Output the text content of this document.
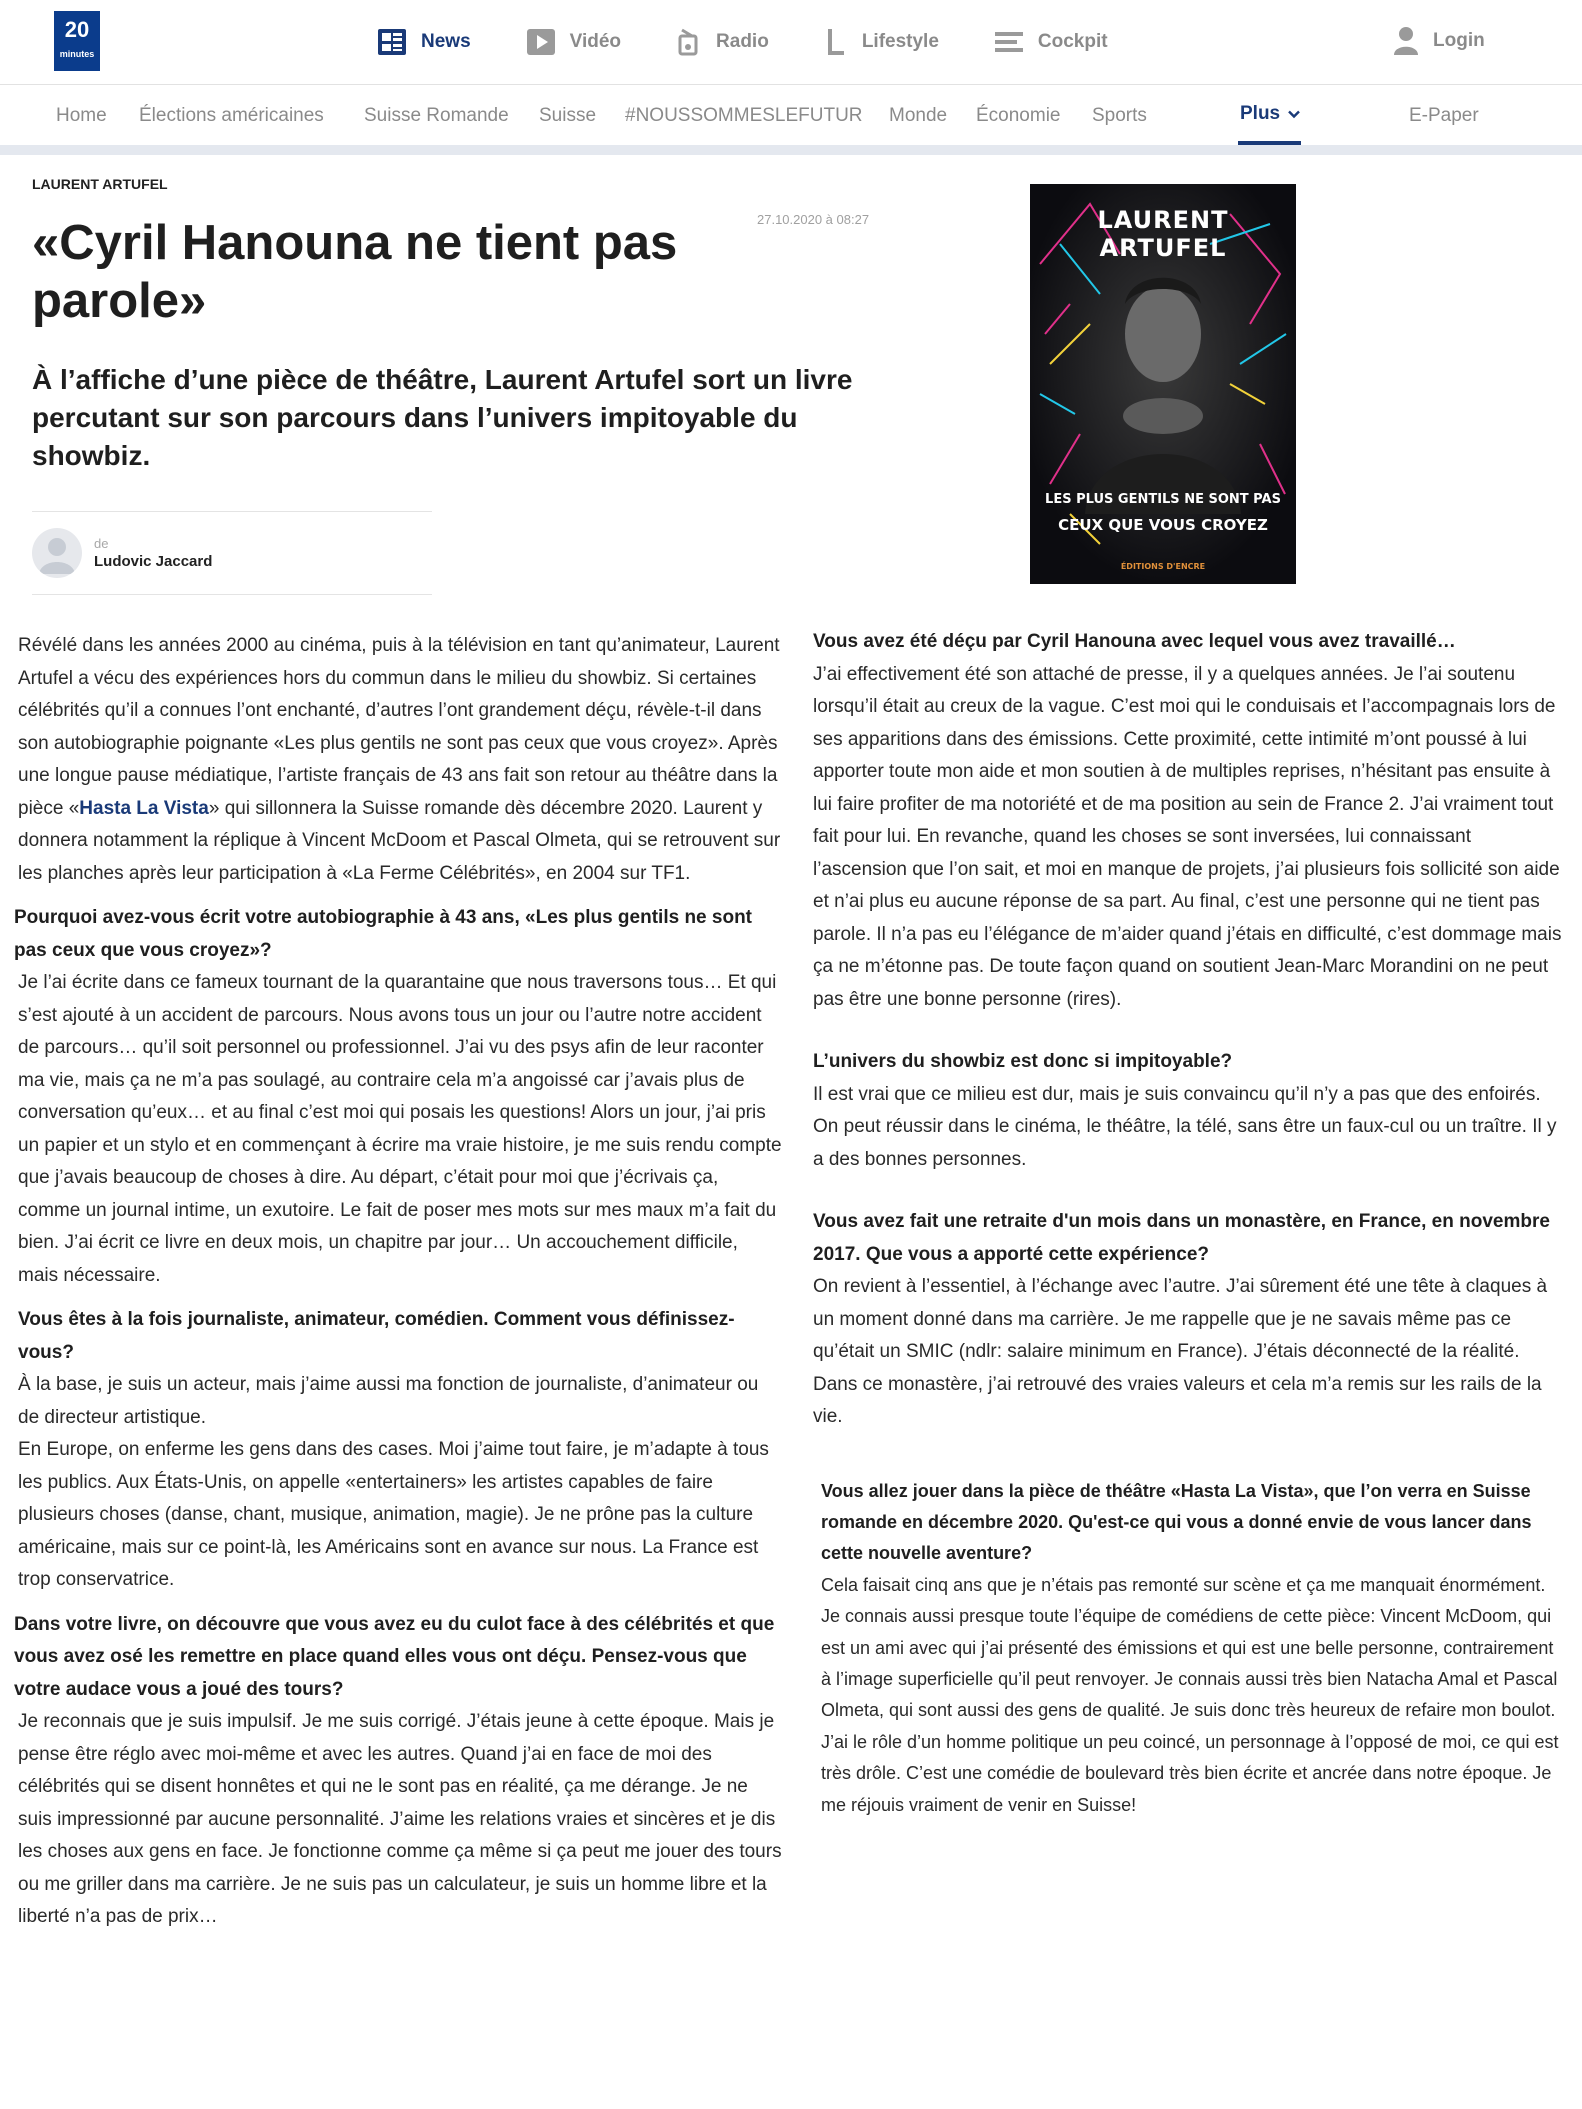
20
minutes
News	Vidéo	Radio	Lifestyle	Cockpit	Login
Home Élections américaines Suisse Romande Suisse #NOUSSOMMESLEFUTUR Monde Économie Sports	Plus	E-Paper
LAURENT ARTUFEL
27.10.2020 à 08:27
«Cyril Hanouna ne tient pas parole»

À l’affiche d’une pièce de théâtre, Laurent Artufel sort un livre percutant sur son parcours dans l’univers impitoyable du showbiz.

de
Ludovic Jaccard
LAURENT ARTUFEL
LES PLUS GENTILS NE SONT PAS
CEUX QUE VOUS CROYEZ
ÉDITIONS D'ENCRE

Révélé dans les années 2000 au cinéma, puis à la télévision en tant qu’animateur, Laurent Artufel a vécu des expériences hors du commun dans le milieu du showbiz. Si certaines célébrités qu’il a connues l’ont enchanté, d’autres l’ont grandement déçu, révèle-t-il dans son autobiographie poignante «Les plus gentils ne sont pas ceux que vous croyez». Après une longue pause médiatique, l’artiste français de 43 ans fait son retour au théâtre dans la pièce «Hasta La Vista» qui sillonnera la Suisse romande dès décembre 2020. Laurent y donnera notamment la réplique à Vincent McDoom et Pascal Olmeta, qui se retrouvent sur les planches après leur participation à «La Ferme Célébrités», en 2004 sur TF1.

Pourquoi avez-vous écrit votre autobiographie à 43 ans, «Les plus gentils ne sont pas ceux que vous croyez»?

Je l’ai écrite dans ce fameux tournant de la quarantaine que nous traversons tous… Et qui s’est ajouté à un accident de parcours. Nous avons tous un jour ou l’autre notre accident de parcours… qu’il soit personnel ou professionnel. J’ai vu des psys afin de leur raconter ma vie, mais ça ne m’a pas soulagé, au contraire cela m’a angoissé car j’avais plus de conversation qu’eux… et au final c’est moi qui posais les questions! Alors un jour, j’ai pris un papier et un stylo et en commençant à écrire ma vraie histoire, je me suis rendu compte que j’avais beaucoup de choses à dire. Au départ, c’était pour moi que j’écrivais ça, comme un journal intime, un exutoire. Le fait de poser mes mots sur mes maux m’a fait du bien. J’ai écrit ce livre en deux mois, un chapitre par jour… Un accouchement difficile, mais nécessaire.

Vous êtes à la fois journaliste, animateur, comédien. Comment vous définissez-vous?

À la base, je suis un acteur, mais j’aime aussi ma fonction de journaliste, d’animateur ou de directeur artistique.

En Europe, on enferme les gens dans des cases. Moi j’aime tout faire, je m’adapte à tous les publics. Aux États-Unis, on appelle «entertainers» les artistes capables de faire plusieurs choses (danse, chant, musique, animation, magie). Je ne prône pas la culture américaine, mais sur ce point-là, les Américains sont en avance sur nous. La France est trop conservatrice.

Dans votre livre, on découvre que vous avez eu du culot face à des célébrités et que vous avez osé les remettre en place quand elles vous ont déçu. Pensez-vous que votre audace vous a joué des tours?

Je reconnais que je suis impulsif. Je me suis corrigé. J’étais jeune à cette époque. Mais je pense être réglo avec moi-même et avec les autres. Quand j’ai en face de moi des célébrités qui se disent honnêtes et qui ne le sont pas en réalité, ça me dérange. Je ne suis impressionné par aucune personnalité. J’aime les relations vraies et sincères et je dis les choses aux gens en face. Je fonctionne comme ça même si ça peut me jouer des tours ou me griller dans ma carrière. Je ne suis pas un calculateur, je suis un homme libre et la liberté n’a pas de prix…

Vous avez été déçu par Cyril Hanouna avec lequel vous avez travaillé…

J’ai effectivement été son attaché de presse, il y a quelques années. Je l’ai soutenu lorsqu’il était au creux de la vague. C’est moi qui le conduisais et l’accompagnais lors de ses apparitions dans des émissions. Cette proximité, cette intimité m’ont poussé à lui apporter toute mon aide et mon soutien à de multiples reprises, n’hésitant pas ensuite à lui faire profiter de ma notoriété et de ma position au sein de France 2. J’ai vraiment tout fait pour lui. En revanche, quand les choses se sont inversées, lui connaissant l’ascension que l’on sait, et moi en manque de projets, j’ai plusieurs fois sollicité son aide et n’ai plus eu aucune réponse de sa part. Au final, c’est une personne qui ne tient pas parole. Il n’a pas eu l’élégance de m’aider quand j’étais en difficulté, c’est dommage mais ça ne m’étonne pas. De toute façon quand on soutient Jean-Marc Morandini on ne peut pas être une bonne personne (rires).

L’univers du showbiz est donc si impitoyable?

Il est vrai que ce milieu est dur, mais je suis convaincu qu’il n’y a pas que des enfoirés. On peut réussir dans le cinéma, le théâtre, la télé, sans être un faux-cul ou un traître. Il y a des bonnes personnes.

Vous avez fait une retraite d'un mois dans un monastère, en France, en novembre 2017. Que vous a apporté cette expérience?

On revient à l’essentiel, à l’échange avec l’autre. J’ai sûrement été une tête à claques à un moment donné dans ma carrière. Je me rappelle que je ne savais même pas ce qu’était un SMIC (ndlr: salaire minimum en France). J’étais déconnecté de la réalité. Dans ce monastère, j’ai retrouvé des vraies valeurs et cela m’a remis sur les rails de la vie.

Vous allez jouer dans la pièce de théâtre «Hasta La Vista», que l’on verra en Suisse romande en décembre 2020. Qu'est-ce qui vous a donné envie de vous lancer dans cette nouvelle aventure?

Cela faisait cinq ans que je n’étais pas remonté sur scène et ça me manquait énormément. Je connais aussi presque toute l’équipe de comédiens de cette pièce: Vincent McDoom, qui est un ami avec qui j’ai présenté des émissions et qui est une belle personne, contrairement à l’image superficielle qu’il peut renvoyer. Je connais aussi très bien Natacha Amal et Pascal Olmeta, qui sont aussi des gens de qualité. Je suis donc très heureux de refaire mon boulot. J’ai le rôle d’un homme politique un peu coincé, un personnage à l’opposé de moi, ce qui est très drôle. C’est une comédie de boulevard très bien écrite et ancrée dans notre époque. Je me réjouis vraiment de venir en Suisse!
